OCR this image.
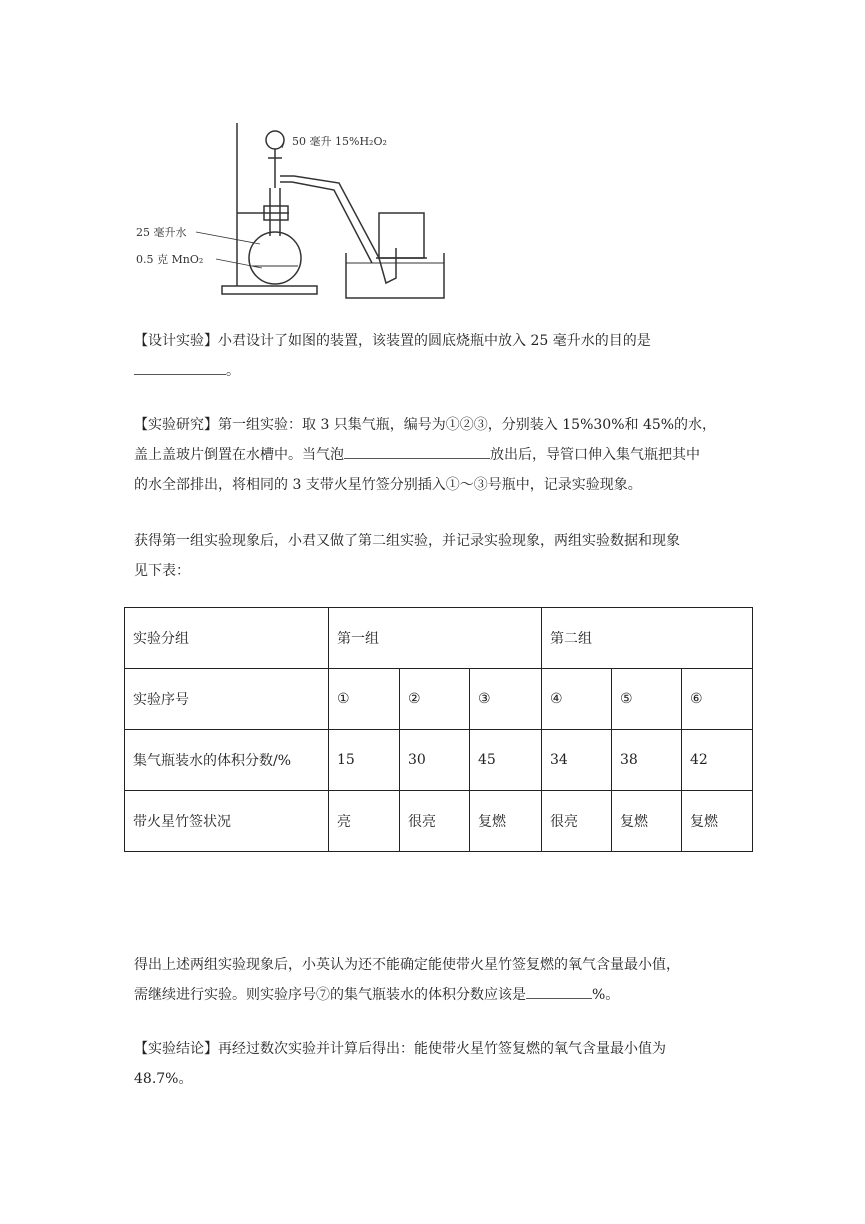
50 毫升 15%H₂O₂
25 毫升水
0.5 克 MnO₂
【设计实验】小君设计了如图的装置，该装置的圆底烧瓶中放入 25 毫升水的目的是
。
【实验研究】第一组实验：取 3 只集气瓶，编号为①②③，分别装入 15%30%和 45%的水，
盖上盖玻片倒置在水槽中。当气泡	放出后，导管口伸入集气瓶把其中
的水全部排出，将相同的 3 支带火星竹签分别插入①～③号瓶中，记录实验现象。
获得第一组实验现象后，小君又做了第二组实验，并记录实验现象，两组实验数据和现象
见下表：
实验分组	第一组			第二组		
实验序号	①	②	③	④	⑤	⑥
集气瓶装水的体积分数/%	15	30	45	34	38	42
带火星竹签状况	亮	很亮	复燃	很亮	复燃	复燃
得出上述两组实验现象后，小英认为还不能确定能使带火星竹签复燃的氧气含量最小值，
需继续进行实验。则实验序号⑦的集气瓶装水的体积分数应该是	%。
【实验结论】再经过数次实验并计算后得出：能使带火星竹签复燃的氧气含量最小值为
48.7%。
